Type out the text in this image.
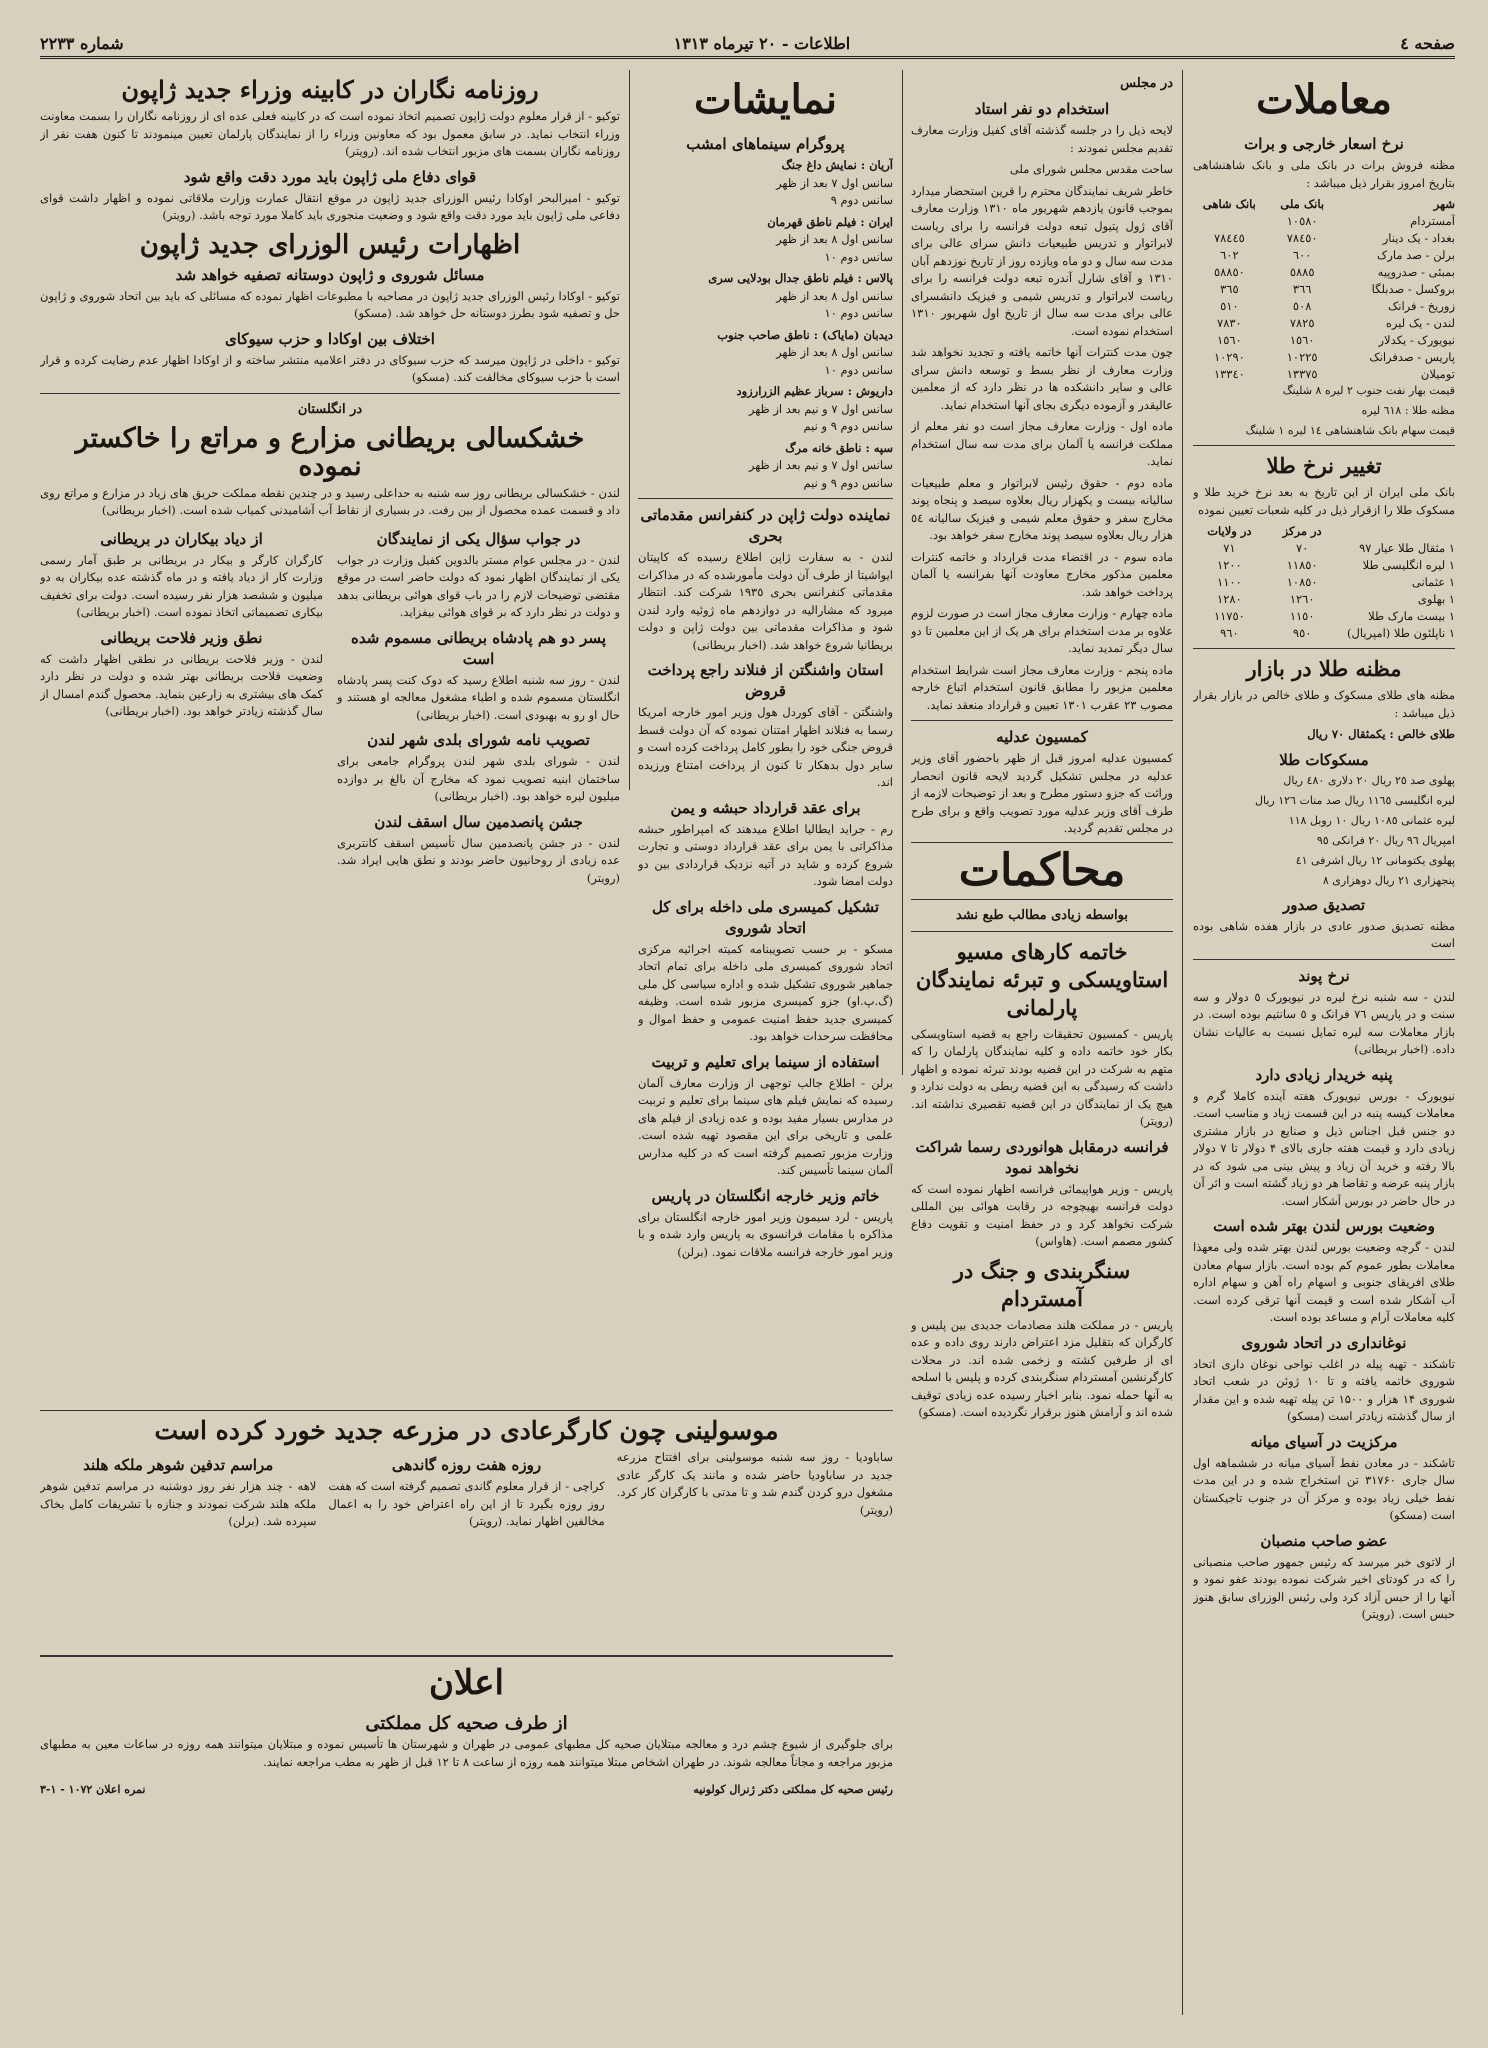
صفحه ٤
اطلاعات - ٢٠ تیرماه ١٣١٣
شماره ٢٢٣٣
معاملات
نرخ اسعار خارجی و برات

مظنه فروش برات در بانک ملی و بانک شاهنشاهی بتاریخ امروز بقرار ذیل میباشد :

شهر
بانک ملی
بانک شاهی
آمستردام
١٠٥٨٠
بغداد - یک دینار
٧٨٤٥٠
٧٨٤٤٥
برلن - صد مارک
٦٠٠
٦٠٢
بمبئی - صدروپیه
٥٨٨٥
٥٨٨٥٠
بروکسل - صدبلگا
٣٦٦
٣٦٥
زوریخ - فرانک
٥٠٨
٥١٠
لندن - یک لیره
٧٨٢٥
٧٨٣٠
نیویورک - یکدلار
١٥٦٠
١٥٦٠
پاریس - صدفرانک
١٠٢٢٥
١٠٢٩٠
تومیلان
١٣٣٧٥
١٣٣٤٠

قیمت بهار نفت جنوب ٢ لیره ٨ شلینگ

مظنه طلا : ٦١٨ لیره

قیمت سهام بانک شاهنشاهی ١٤ لیره ١ شلینگ

تغییر نرخ طلا

بانک ملی ایران از این تاریخ به بعد نرخ خرید طلا و مسکوک طلا را ازقرار ذیل در کلیه شعبات تعیین نموده

در مرکز
در ولایات
١ مثقال طلا عیار ٩٧
٧٠
٧١
١ لیره انگلیسی طلا
١١٨٥٠
١٢٠٠
١ عثمانی
١٠٨٥٠
١١٠٠
١ بهلوی
١٢٦٠
١٢٨٠
١ بیست مارک طلا
١١٥٠
١١٧٥٠
١ ناپلئون طلا (امپریال)
٩٥٠
٩٦٠
مظنه طلا در بازار

مظنه های طلای مسکوک و طلای خالص در بازار بقرار ذیل میباشد :

طلای خالص : یکمثقال ٧٠ ریال

مسکوکات طلا

پهلوی صد ٢٥ ریال ٢٠ دلاری ٤٨٠ ریال

لیره انگلیسی ١١٦٥ ریال صد منات ١٢٦ ریال

لیره عثمانی ١٠٨٥ ریال ١٠ روبل ١١٨

امپریال ٩٦ ریال ٢٠ فرانکی ٩٥

پهلوی یکتومانی ١٢ ریال اشرفی ٤١

پنجهزاری ٢١ ریال دوهزاری ٨

تصدیق صدور

مظنه تصدیق صدور عادی در بازار هفده شاهی بوده است

نرخ پوند

لندن - سه شنبه نرخ لیره در نیویورک ٥ دولار و سه سنت و در پاریس ٧٦ فرانک و ٥ سانتیم بوده است. در بازار معاملات سه لیره تمایل نسبت به عالیات نشان داده. (اخبار بریطانی)

پنبه خریدار زیادی دارد

نیویورک - بورس نیویورک هفته آینده کاملا گرم و معاملات کیسه پنبه در این قسمت زیاد و مناسب است. دو جنس قبل اجناس ذیل و صنایع در بازار مشتری زیادی دارد و قیمت هفته جاری بالای ۴ دولار تا ۷ دولار بالا رفته و خرید آن زیاد و پیش بینی می شود که در بازار پنبه عرضه و تقاضا هر دو زیاد گشته است و اثر آن در حال حاضر در بورس آشکار است.

وضعیت بورس لندن بهتر شده است

لندن - گرچه وضعیت بورس لندن بهتر شده ولی معهذا معاملات بطور عموم کم بوده است. بازار سهام معادن طلای افریقای جنوبی و اسهام راه آهن و سهام اداره آب آشکار شده است و قیمت آنها ترقی کرده است. کلیه معاملات آرام و مساعد بوده است.

نوغانداری در اتحاد شوروی

تاشکند - تهیه پیله در اغلب نواحی نوغان داری اتحاد شوروی خاتمه یافته و تا ۱۰ ژوئن در شعب اتحاد شوروی ۱۴ هزار و ۱۵۰۰ تن پیله تهیه شده و این مقدار از سال گذشته زیادتر است (مسکو)

مرکزیت در آسیای میانه

تاشکند - در معادن نفط آسیای میانه در ششماهه اول سال جاری ۳۱۷۶۰ تن استخراج شده و در این مدت نفط خیلی زیاد بوده و مرکز آن در جنوب تاجیکستان است (مسکو)

عضو صاحب منصبان

از لاتوی خبر میرسد که رئیس جمهور صاحب منصبانی را که در کودتای اخیر شرکت نموده بودند عفو نمود و آنها را از حبس آزاد کرد ولی رئیس الوزرای سابق هنوز حبس است. (رویتر)

در مجلس
استخدام دو نفر استاد

لایحه ذیل را در جلسه گذشته آقای کفیل وزارت معارف تقدیم مجلس نمودند :

ساحت مقدس مجلس شورای ملی

خاطر شریف نمایندگان محترم را قرین استحضار میدارد بموجب قانون یازدهم شهریور ماه ١٣١٠ وزارت معارف آقای ژول پتیول تبعه دولت فرانسه را برای ریاست لابراتوار و تدریس طبیعیات دانش سرای عالی برای مدت سه سال و دو ماه ویازده روز از تاریخ نوزدهم آبان ١٣١٠ و آقای شارل آندره تبعه دولت فرانسه را برای ریاست لابراتوار و تدریس شیمی و فیزیک دانشسرای عالی برای مدت سه سال از تاریخ اول شهریور ١٣١٠ استخدام نموده است.

چون مدت کنترات آنها خاتمه یافته و تجدید نخواهد شد وزارت معارف از نظر بسط و توسعه دانش سرای عالی و سایر دانشکده ها در نظر دارد که از معلمین عالیقدر و آزموده دیگری بجای آنها استخدام نماید.

ماده اول - وزارت معارف مجاز است دو نفر معلم از مملکت فرانسه یا آلمان برای مدت سه سال استخدام نماید.

ماده دوم - حقوق رئیس لابراتوار و معلم طبیعیات سالیانه بیست و یکهزار ریال بعلاوه سیصد و پنجاه پوند مخارج سفر و حقوق معلم شیمی و فیزیک سالیانه ٥٤ هزار ریال بعلاوه سیصد پوند مخارج سفر خواهد بود.

ماده سوم - در اقتضاء مدت قرارداد و خاتمه کنترات معلمین مذکور مخارج معاودت آنها بفرانسه یا آلمان پرداخت خواهد شد.

ماده چهارم - وزارت معارف مجاز است در صورت لزوم علاوه بر مدت استخدام برای هر یک از این معلمین تا دو سال دیگر تمدید نماید.

ماده پنجم - وزارت معارف مجاز است شرایط استخدام معلمین مزبور را مطابق قانون استخدام اتباع خارجه مصوب ٢٣ عقرب ١٣٠١ تعیین و قرارداد منعقد نماید.

کمسیون عدلیه

کمسیون عدلیه امروز قبل از ظهر باحضور آقای وزیر عدلیه در مجلس تشکیل گردید لایحه قانون انحصار وراثت که جزو دستور مطرح و بعد از توضیحات لازمه از طرف آقای وزیر عدلیه مورد تصویب واقع و برای طرح در مجلس تقدیم گردید.

محاکمات
بواسطه زیادی مطالب طبع نشد
خاتمه کارهای مسیو استاویسکی و تبرئه نمایندگان پارلمانی

پاریس - کمسیون تحقیقات راجع به قضیه استاویسکی بکار خود خاتمه داده و کلیه نمایندگان پارلمان را که متهم به شرکت در این قضیه بودند تبرئه نموده و اظهار داشت که رسیدگی به این قضیه ربطی به دولت ندارد و هیچ یک از نمایندگان در این قضیه تقصیری نداشته اند. (رویتر)

فرانسه درمقابل هوانوردی رسما شراکت نخواهد نمود

پاریس - وزیر هواپیمائی فرانسه اظهار نموده است که دولت فرانسه بهیچوجه در رقابت هوائی بین المللی شرکت نخواهد کرد و در حفظ امنیت و تقویت دفاع کشور مصمم است. (هاواس)

سنگربندی و جنگ در آمستردام

پاریس - در مملکت هلند مصادمات جدیدی بین پلیس و کارگران که بتقلیل مزد اعتراض دارند روی داده و عده ای از طرفین کشته و زخمی شده اند. در محلات کارگرنشین آمستردام سنگربندی کرده و پلیس با اسلحه به آنها حمله نمود. بنابر اخبار رسیده عده زیادی توقیف شده اند و آرامش هنوز برقرار نگردیده است. (مسکو)

نمایشات
پروگرام سینماهای امشب
آریان : نمایش داغ جنگ
سانس اول ٧ بعد از ظهر
سانس دوم ٩
ایران : فیلم ناطق قهرمان
سانس اول ٨ بعد از ظهر
سانس دوم ١٠
پالاس : فیلم ناطق جدال بودلایی سری
سانس اول ٨ بعد از ظهر
سانس دوم ١٠
دیدبان (مایاک) : ناطق صاحب جنوب
سانس اول ٨ بعد از ظهر
سانس دوم ١٠
داریوش : سرباز عظیم الزرارزود
سانس اول ٧ و نیم بعد از ظهر
سانس دوم ٩ و نیم
سپه : ناطق خانه مرگ
سانس اول ٧ و نیم بعد از ظهر
سانس دوم ٩ و نیم
نماینده دولت ژاپن در کنفرانس مقدماتی بحری

لندن - به سفارت ژاپن اطلاع رسیده که کاپیتان ایواشیتا از طرف آن دولت مأمورشده که در مذاکرات مقدماتی کنفرانس بحری ١٩٣٥ شرکت کند. انتظار میرود که مشارالیه در دوازدهم ماه ژوئیه وارد لندن شود و مذاکرات مقدماتی بین دولت ژاپن و دولت بریطانیا شروع خواهد شد. (اخبار بریطانی)

استان واشنگتن از فنلاند راجع پرداخت قروض

واشنگتن - آقای کوردل هول وزیر امور خارجه امریکا رسما به فنلاند اظهار امتنان نموده که آن دولت قسط قروض جنگی خود را بطور کامل پرداخت کرده است و سایر دول بدهکار تا کنون از پرداخت امتناع ورزیده اند.

برای عقد قرارداد حبشه و یمن

رم - جراید ایطالیا اطلاع میدهند که امپراطور حبشه مذاکراتی با یمن برای عقد قرارداد دوستی و تجارت شروع کرده و شاید در آتیه نزدیک قراردادی بین دو دولت امضا شود.

تشکیل کمیسری ملی داخله برای کل اتحاد شوروی

مسکو - بر حسب تصویبنامه کمیته اجرائیه مرکزی اتحاد شوروی کمیسری ملی داخله برای تمام اتحاد جماهیر شوروی تشکیل شده و اداره سیاسی کل ملی (گ.پ.او) جزو کمیسری مزبور شده است. وظیفه کمیسری جدید حفظ امنیت عمومی و حفظ اموال و محافظت سرحدات خواهد بود.

استفاده از سینما برای تعلیم و تربیت

برلن - اطلاع جالب توجهی از وزارت معارف آلمان رسیده که نمایش فیلم های سینما برای تعلیم و تربیت در مدارس بسیار مفید بوده و عده زیادی از فیلم های علمی و تاریخی برای این مقصود تهیه شده است. وزارت مزبور تصمیم گرفته است که در کلیه مدارس آلمان سینما تأسیس کند.

خاتم وزیر خارجه انگلستان در پاریس

پاریس - لرد سیمون وزیر امور خارجه انگلستان برای مذاکره با مقامات فرانسوی به پاریس وارد شده و با وزیر امور خارجه فرانسه ملاقات نمود. (برلن)

روزنامه نگاران در کابینه وزراء جدید ژاپون

توکیو - از قرار معلوم دولت ژاپون تصمیم اتخاذ نموده است که در کابینه فعلی عده ای از روزنامه نگاران را بسمت معاونت وزراء انتخاب نماید. در سابق معمول بود که معاونین وزراء را از نمایندگان پارلمان تعیین مینمودند تا کنون هفت نفر از روزنامه نگاران بسمت های مزبور انتخاب شده اند. (رویتر)

قوای دفاع ملی ژاپون باید مورد دقت واقع شود

توکیو - امیرالبحر اوکادا رئیس الوزرای جدید ژاپون در موقع انتقال عمارت وزارت ملاقاتی نموده و اظهار داشت قوای دفاعی ملی ژاپون باید مورد دقت واقع شود و وضعیت منجوری باید کاملا مورد توجه باشد. (رویتر)

اظهارات رئیس الوزرای جدید ژاپون
مسائل شوروی و ژاپون دوستانه تصفیه خواهد شد

توکیو - اوکادا رئیس الوزرای جدید ژاپون در مصاحبه با مطبوعات اظهار نموده که مسائلی که باید بین اتحاد شوروی و ژاپون حل و تصفیه شود بطرز دوستانه حل خواهد شد. (مسکو)

اختلاف بین اوکادا و حزب سیوکای

توکیو - داخلی در ژاپون میرسد که حزب سیوکای در دفتر اعلامیه منتشر ساخته و از اوکادا اظهار عدم رضایت کرده و قرار است با حزب سیوکای مخالفت کند. (مسکو)

در انگلستان
خشکسالی بریطانی مزارع و مراتع را خاکستر نموده

لندن - خشکسالی بریطانی روز سه شنبه به حداعلی رسید و در چندین نقطه مملکت حریق های زیاد در مزارع و مراتع روی داد و قسمت عمده محصول از بین رفت. در بسیاری از نقاط آب آشامیدنی کمیاب شده است. (اخبار بریطانی)

در جواب سؤال یکی از نمایندگان

لندن - در مجلس عوام مستر بالدوین کفیل وزارت در جواب یکی از نمایندگان اظهار نمود که دولت حاضر است در موقع مقتضی توضیحات لازم را در باب قوای هوائی بریطانی بدهد و دولت در نظر دارد که بر قوای هوائی بیفزاید.

پسر دو هم پادشاه بریطانی مسموم شده است

لندن - روز سه شنبه اطلاع رسید که دوک کنت پسر پادشاه انگلستان مسموم شده و اطباء مشغول معالجه او هستند و حال او رو به بهبودی است. (اخبار بریطانی)

تصویب نامه شورای بلدی شهر لندن

لندن - شورای بلدی شهر لندن پروگرام جامعی برای ساختمان ابنیه تصویب نمود که مخارج آن بالغ بر دوازده میلیون لیره خواهد بود. (اخبار بریطانی)

جشن پانصدمین سال اسقف لندن

لندن - در جشن پانصدمین سال تأسیس اسقف کانتربری عده زیادی از روحانیون حاضر بودند و نطق هایی ایراد شد. (رویتر)

از دیاد بیکاران در بریطانی

کارگران کارگر و بیکار در بریطانی بر طبق آمار رسمی وزارت کار از دیاد یافته و در ماه گذشته عده بیکاران به دو میلیون و ششصد هزار نفر رسیده است. دولت برای تخفیف بیکاری تصمیماتی اتخاذ نموده است. (اخبار بریطانی)

نطق وزیر فلاحت بریطانی

لندن - وزیر فلاحت بریطانی در نطقی اظهار داشت که وضعیت فلاحت بریطانی بهتر شده و دولت در نظر دارد کمک های بیشتری به زارعین بنماید. محصول گندم امسال از سال گذشته زیادتر خواهد بود. (اخبار بریطانی)

موسولینی چون کارگرعادی در مزرعه جدید خورد کرده است

ساباودیا - روز سه شنبه موسولینی برای افتتاح مزرعه جدید در ساباودیا حاضر شده و مانند یک کارگر عادی مشغول درو کردن گندم شد و تا مدتی با کارگران کار کرد. (رویتر)

روزه هفت روزه گاندهی

کراچی - از قرار معلوم گاندی تصمیم گرفته است که هفت روز روزه بگیرد تا از این راه اعتراض خود را به اعمال مخالفین اظهار نماید. (رویتر)

مراسم تدفین شوهر ملکه هلند

لاهه - چند هزار نفر روز دوشنبه در مراسم تدفین شوهر ملکه هلند شرکت نمودند و جنازه با تشریفات کامل بخاک سپرده شد. (برلن)

اعلان
از طرف صحیه کل مملکتی

برای جلوگیری از شیوع چشم درد و معالجه مبتلایان صحیه کل مطبهای عمومی در طهران و شهرستان ها تأسیس نموده و مبتلایان میتوانند همه روزه در ساعات معین به مطبهای مزبور مراجعه و مجاناً معالجه شوند. در طهران اشخاص مبتلا میتوانند همه روزه از ساعت ۸ تا ۱۲ قبل از ظهر به مطب مراجعه نمایند.

رئیس صحیه کل مملکتی دکتر ژنرال کولونیه
نمره اعلان ١٠٧٢ - ١-٣
